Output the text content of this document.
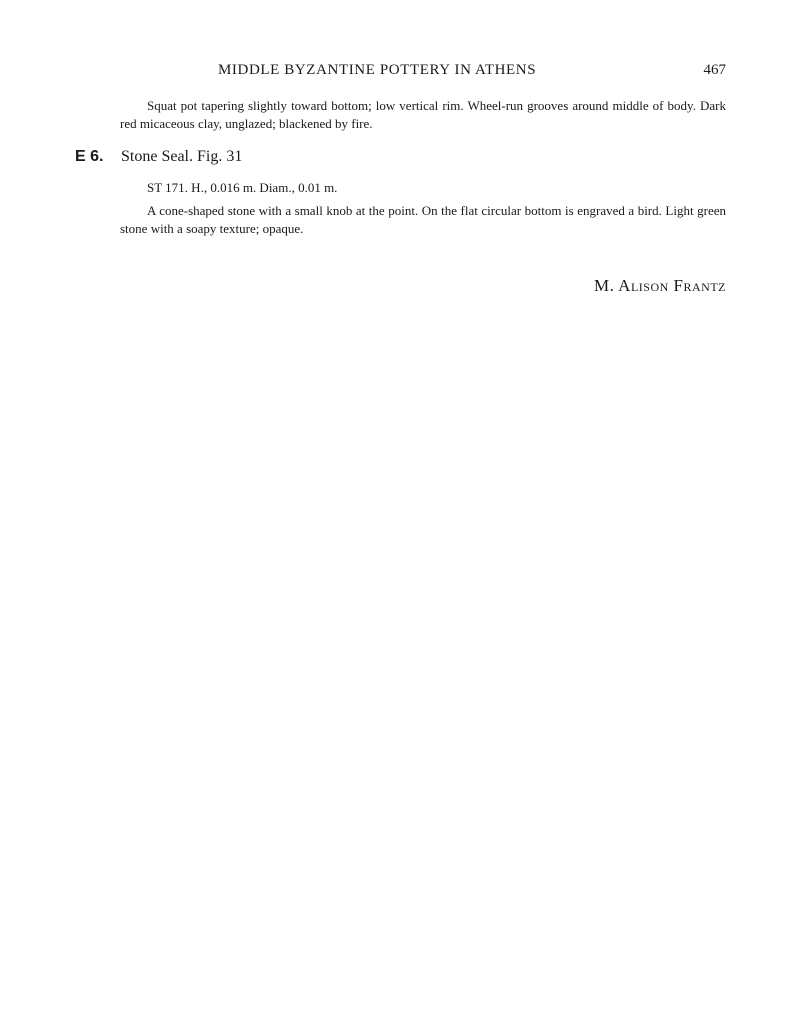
MIDDLE BYZANTINE POTTERY IN ATHENS	467

Squat pot tapering slightly toward bottom; low vertical rim. Wheel-run grooves around middle of body. Dark red micaceous clay, unglazed; blackened by fire.

E 6. Stone Seal. Fig. 31
ST 171. H., 0.016 m. Diam., 0.01 m.

A cone-shaped stone with a small knob at the point. On the flat circular bottom is engraved a bird. Light green stone with a soapy texture; opaque.

M. Alison Frantz
